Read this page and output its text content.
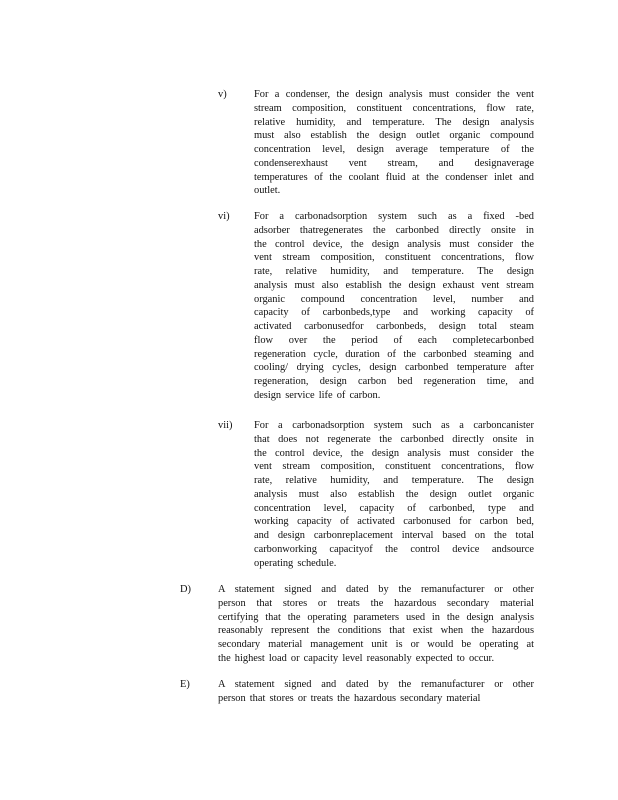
v)	For a condenser, the design analysis must consider the vent
stream composition, constituent concentrations, flow rate,
relative humidity, and temperature. The design analysis
must also establish the design outlet organic compound
concentration level, design average temperature of the
condenserexhaust vent stream, and designaverage
temperatures of the coolant fluid at the condenser inlet and
outlet.
vi) For a carbonadsorption system such as a fixed -bed
adsorber thatregenerates the carbonbed directly onsite in
the control device, the design analysis must consider the
vent stream composition, constituent concentrations, flow
rate, relative humidity, and temperature. The design
analysis must also establish the design exhaust vent stream
organic compound concentration level, number and
capacity of carbonbeds,type and working capacity of
activated carbonusedfor carbonbeds, design total steam
flow over the period of each completecarbonbed
regeneration cycle, duration of the carbonbed steaming and
cooling/ drying cycles, design carbonbed temperature after
regeneration, design carbon bed regeneration time, and
design service life of carbon.
vii) For a carbonadsorption system such as a carboncanister
that does not regenerate the carbonbed directly onsite in
the control device, the design analysis must consider the
vent stream composition, constituent concentrations, flow
rate, relative humidity, and temperature. The design
analysis must also establish the design outlet organic
concentration level, capacity of carbonbed, type and
working capacity of activated carbonused for carbon bed,
and design carbonreplacement interval based on the total
carbonworking capacityof the control device andsource
operating schedule.
D)	A statement signed and dated by the remanufacturer or other
person that stores or treats the hazardous secondary material
certifying that the operating parameters used in the design analysis
reasonably represent the conditions that exist when the hazardous
secondary material management unit is or would be operating at
the highest load or capacity level reasonably expected to occur.
E)	A statement signed and dated by the remanufacturer or other
person that stores or treats the hazardous secondary material
